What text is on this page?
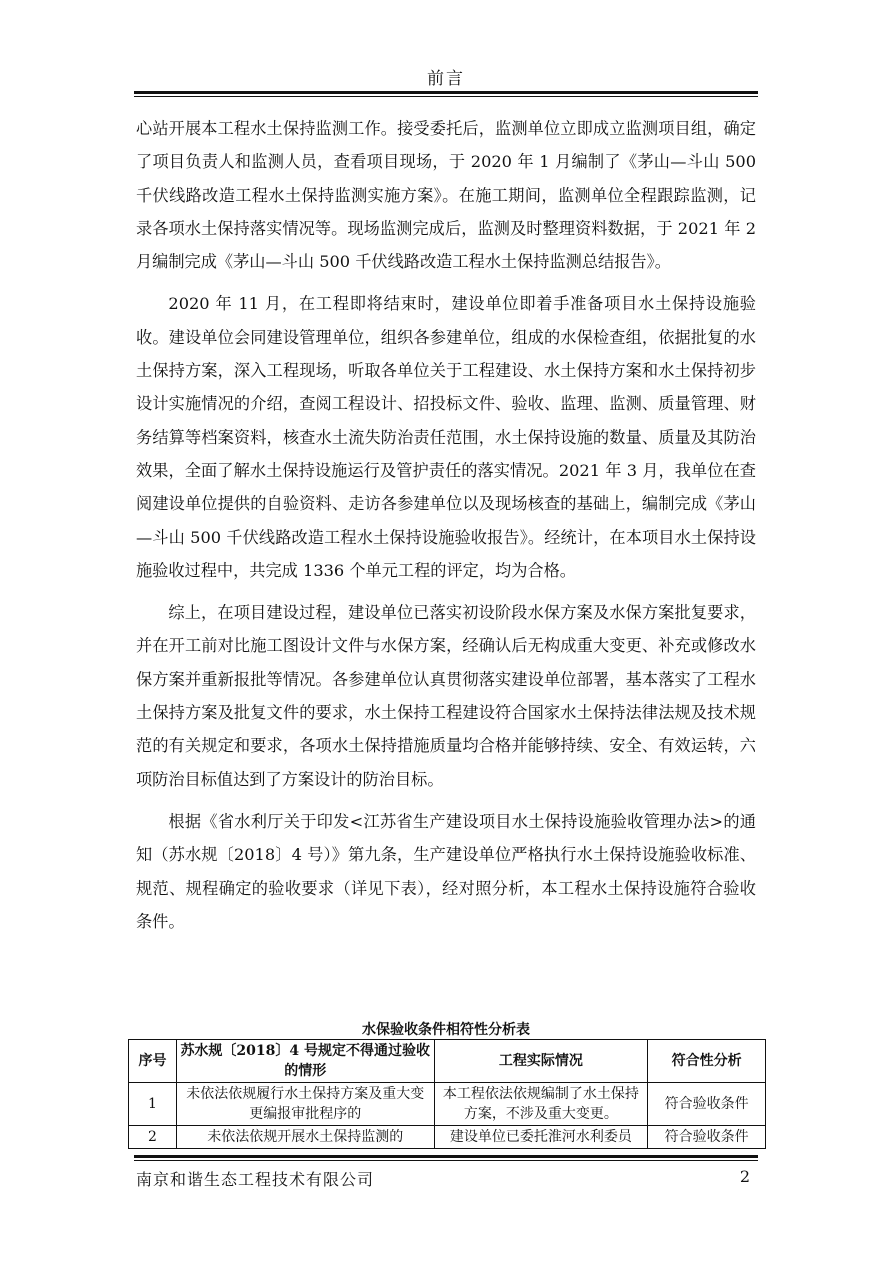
前言

心站开展本工程水土保持监测工作。接受委托后，监测单位立即成立监测项目组，确定了项目负责人和监测人员，查看项目现场，于 2020 年 1 月编制了《茅山—斗山 500 千伏线路改造工程水土保持监测实施方案》。在施工期间，监测单位全程跟踪监测，记录各项水土保持落实情况等。现场监测完成后，监测及时整理资料数据，于 2021 年 2 月编制完成《茅山—斗山 500 千伏线路改造工程水土保持监测总结报告》。

2020 年 11 月，在工程即将结束时，建设单位即着手准备项目水土保持设施验收。建设单位会同建设管理单位，组织各参建单位，组成的水保检查组，依据批复的水土保持方案，深入工程现场，听取各单位关于工程建设、水土保持方案和水土保持初步设计实施情况的介绍，查阅工程设计、招投标文件、验收、监理、监测、质量管理、财务结算等档案资料，核查水土流失防治责任范围，水土保持设施的数量、质量及其防治效果，全面了解水土保持设施运行及管护责任的落实情况。2021 年 3 月，我单位在查阅建设单位提供的自验资料、走访各参建单位以及现场核查的基础上，编制完成《茅山—斗山 500 千伏线路改造工程水土保持设施验收报告》。经统计，在本项目水土保持设施验收过程中，共完成 1336 个单元工程的评定，均为合格。

综上，在项目建设过程，建设单位已落实初设阶段水保方案及水保方案批复要求，并在开工前对比施工图设计文件与水保方案，经确认后无构成重大变更、补充或修改水保方案并重新报批等情况。各参建单位认真贯彻落实建设单位部署，基本落实了工程水土保持方案及批复文件的要求，水土保持工程建设符合国家水土保持法律法规及技术规范的有关规定和要求，各项水土保持措施质量均合格并能够持续、安全、有效运转，六项防治目标值达到了方案设计的防治目标。

根据《省水利厅关于印发<江苏省生产建设项目水土保持设施验收管理办法>的通知（苏水规〔2018〕4 号）》第九条，生产建设单位严格执行水土保持设施验收标准、规范、规程确定的验收要求（详见下表），经对照分析，本工程水土保持设施符合验收条件。

水保验收条件相符性分析表
序号	苏水规〔2018〕4 号规定不得通过验收的情形	工程实际情况	符合性分析
1	未依法依规履行水土保持方案及重大变更编报审批程序的	本工程依法依规编制了水土保持方案，不涉及重大变更。	符合验收条件
2	未依法依规开展水土保持监测的	建设单位已委托淮河水利委员	符合验收条件
南京和谐生态工程技术有限公司	2
